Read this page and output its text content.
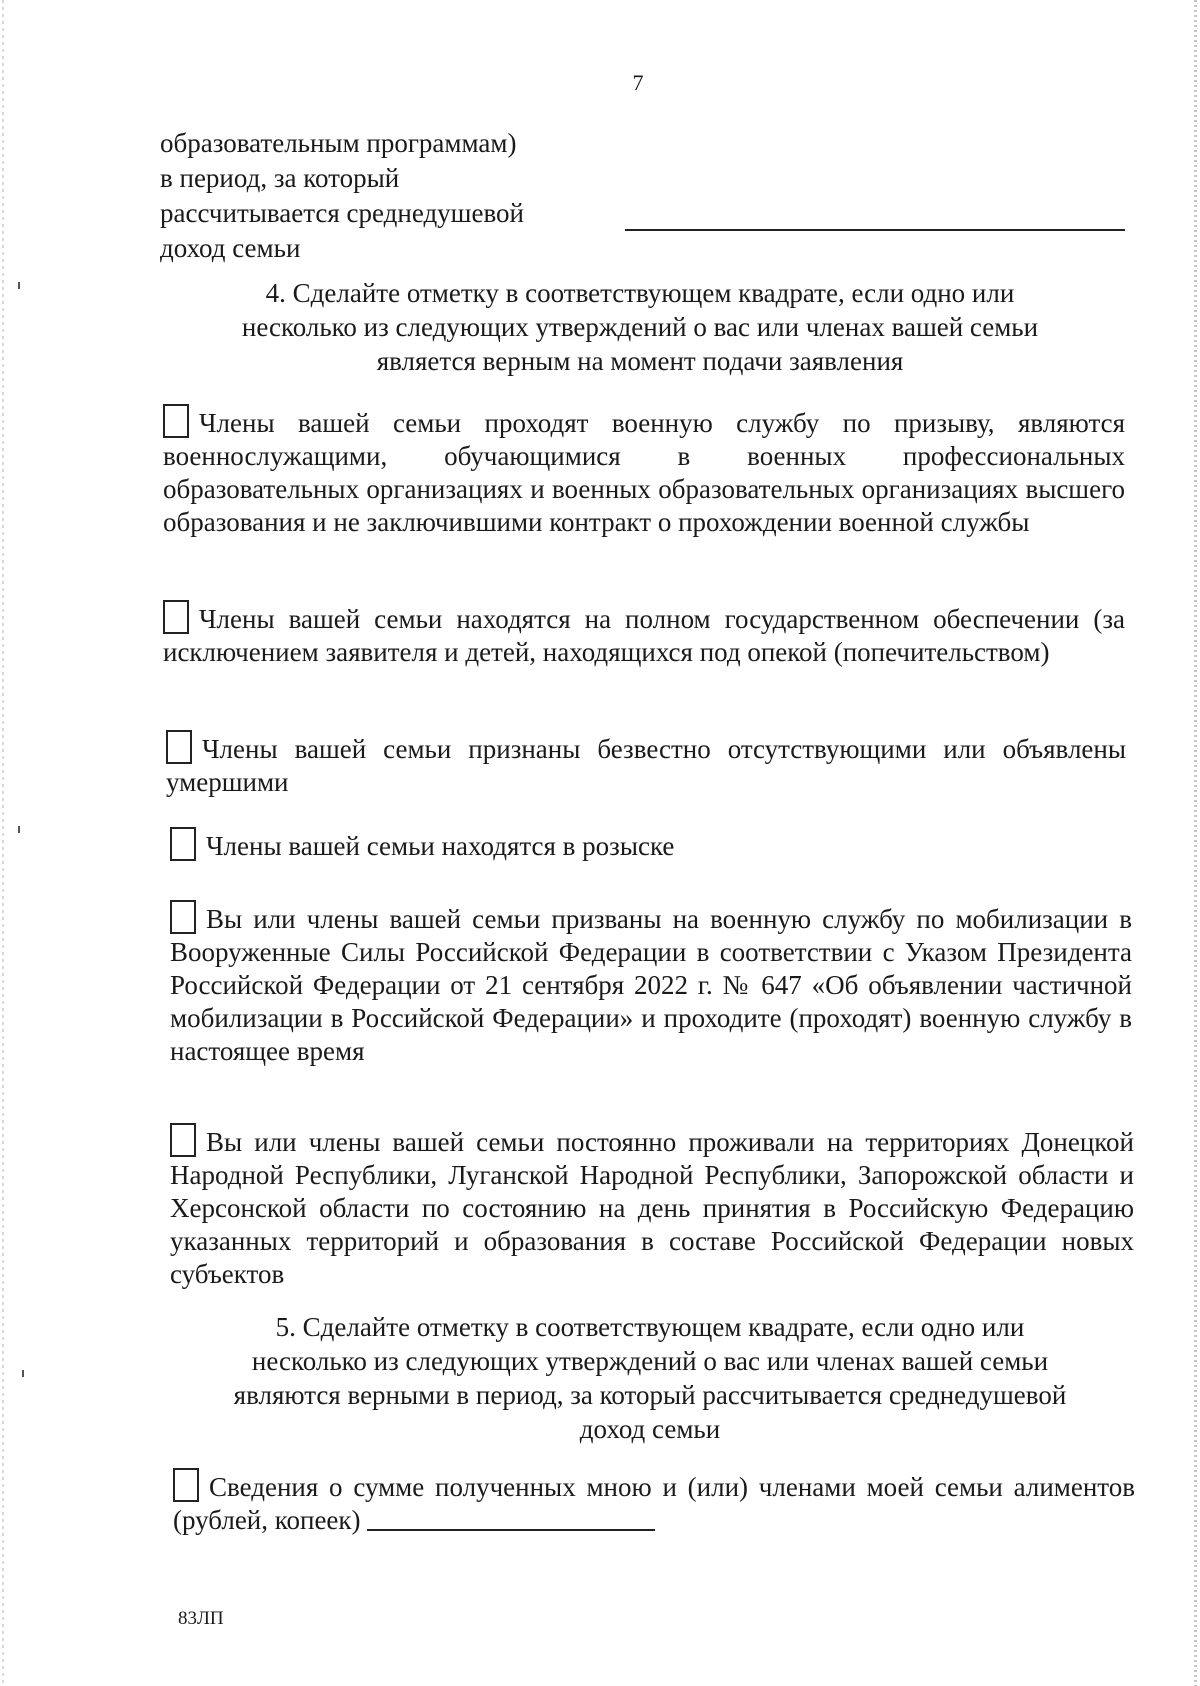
7
образовательным программам)
в период, за который
рассчитывается среднедушевой
доход семьи
4. Сделайте отметку в соответствующем квадрате, если одно или
несколько из следующих утверждений о вас или членах вашей семьи
является верным на момент подачи заявления
Члены вашей семьи проходят военную службу по призыву, являются военнослужащими, обучающимися в военных профессиональных образовательных организациях и военных образовательных организациях высшего образования и не заключившими контракт о прохождении военной службы
Члены вашей семьи находятся на полном государственном обеспечении (за исключением заявителя и детей, находящихся под опекой (попечительством)
Члены вашей семьи признаны безвестно отсутствующими или объявлены умершими
Члены вашей семьи находятся в розыске
Вы или члены вашей семьи призваны на военную службу по мобилизации в Вооруженные Силы Российской Федерации в соответствии с Указом Президента Российской Федерации от 21 сентября 2022 г. № 647 «Об объявлении частичной мобилизации в Российской Федерации» и проходите (проходят) военную службу в настоящее время
Вы или члены вашей семьи постоянно проживали на территориях Донецкой Народной Республики, Луганской Народной Республики, Запорожской области и Херсонской области по состоянию на день принятия в Российскую Федерацию указанных территорий и образования в составе Российской Федерации новых субъектов
5. Сделайте отметку в соответствующем квадрате, если одно или
несколько из следующих утверждений о вас или членах вашей семьи
являются верными в период, за который рассчитывается среднедушевой
доход семьи
Сведения о сумме полученных мною и (или) членами моей семьи алиментов (рублей, копеек)
83ЛП
